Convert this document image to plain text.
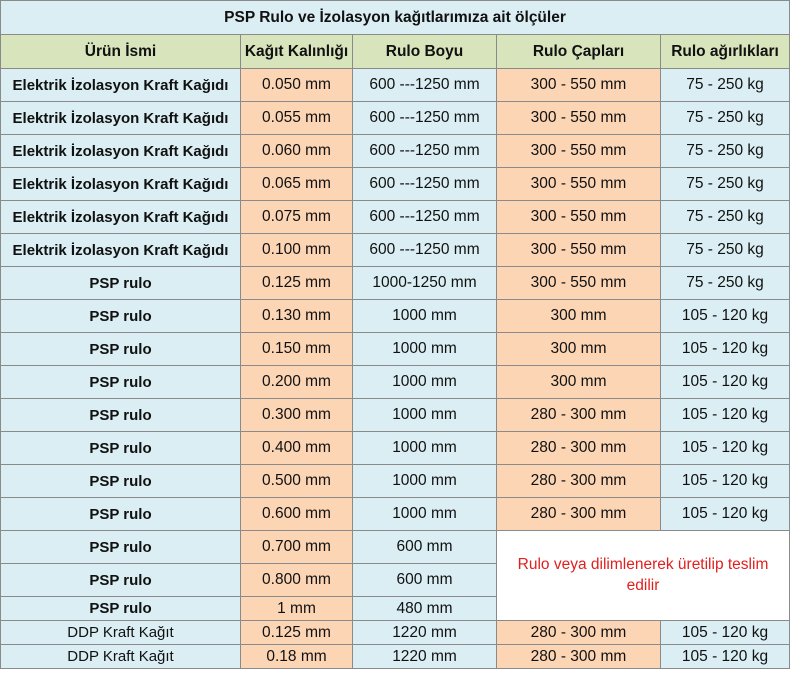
PSP Rulo ve İzolasyon kağıtlarımıza ait ölçüler				
Ürün İsmi	Kağıt Kalınlığı	Rulo Boyu	Rulo Çapları	Rulo ağırlıkları
Elektrik İzolasyon Kraft Kağıdı	0.050 mm	600 ---1250 mm	300 - 550 mm	75 - 250 kg
Elektrik İzolasyon Kraft Kağıdı	0.055 mm	600 ---1250 mm	300 - 550 mm	75 - 250 kg
Elektrik İzolasyon Kraft Kağıdı	0.060 mm	600 ---1250 mm	300 - 550 mm	75 - 250 kg
Elektrik İzolasyon Kraft Kağıdı	0.065 mm	600 ---1250 mm	300 - 550 mm	75 - 250 kg
Elektrik İzolasyon Kraft Kağıdı	0.075 mm	600 ---1250 mm	300 - 550 mm	75 - 250 kg
Elektrik İzolasyon Kraft Kağıdı	0.100 mm	600 ---1250 mm	300 - 550 mm	75 - 250 kg
PSP rulo	0.125 mm	1000-1250 mm	300 - 550 mm	75 - 250 kg
PSP rulo	0.130 mm	1000 mm	300 mm	105 - 120 kg
PSP rulo	0.150 mm	1000 mm	300 mm	105 - 120 kg
PSP rulo	0.200 mm	1000 mm	300 mm	105 - 120 kg
PSP rulo	0.300 mm	1000 mm	280 - 300 mm	105 - 120 kg
PSP rulo	0.400 mm	1000 mm	280 - 300 mm	105 - 120 kg
PSP rulo	0.500 mm	1000 mm	280 - 300 mm	105 - 120 kg
PSP rulo	0.600 mm	1000 mm	280 - 300 mm	105 - 120 kg
PSP rulo	0.700 mm	600 mm	Rulo veya dilimlenerek üretilip teslim edilir	
PSP rulo	0.800 mm	600 mm		
PSP rulo	1 mm	480 mm		
DDP Kraft Kağıt	0.125 mm	1220 mm	280 - 300 mm	105 - 120 kg
DDP Kraft Kağıt	0.18 mm	1220 mm	280 - 300 mm	105 - 120 kg
